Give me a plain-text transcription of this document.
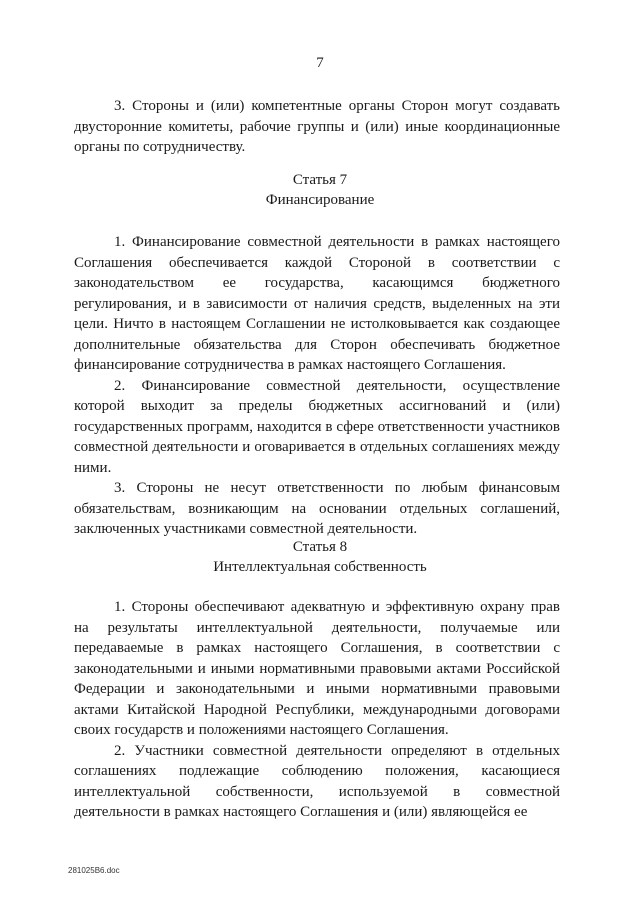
7

3. Стороны и (или) компетентные органы Сторон могут создавать двусторонние комитеты, рабочие группы и (или) иные координационные органы по сотрудничеству.

Статья 7
Финансирование

1. Финансирование совместной деятельности в рамках настоящего Соглашения обеспечивается каждой Стороной в соответствии с законодательством ее государства, касающимся бюджетного регулирования, и в зависимости от наличия средств, выделенных на эти цели. Ничто в настоящем Соглашении не истолковывается как создающее дополнительные обязательства для Сторон обеспечивать бюджетное финансирование сотрудничества в рамках настоящего Соглашения.

2. Финансирование совместной деятельности, осуществление которой выходит за пределы бюджетных ассигнований и (или) государственных программ, находится в сфере ответственности участников совместной деятельности и оговаривается в отдельных соглашениях между ними.

3. Стороны не несут ответственности по любым финансовым обязательствам, возникающим на основании отдельных соглашений, заключенных участниками совместной деятельности.

Статья 8
Интеллектуальная собственность

1. Стороны обеспечивают адекватную и эффективную охрану прав на результаты интеллектуальной деятельности, получаемые или передаваемые в рамках настоящего Соглашения, в соответствии с законодательными и иными нормативными правовыми актами Российской Федерации и законодательными и иными нормативными правовыми актами Китайской Народной Республики, международными договорами своих государств и положениями настоящего Соглашения.

2. Участники совместной деятельности определяют в отдельных соглашениях подлежащие соблюдению положения, касающиеся интеллектуальной собственности, используемой в совместной деятельности в рамках настоящего Соглашения и (или) являющейся ее

281025B6.doc
